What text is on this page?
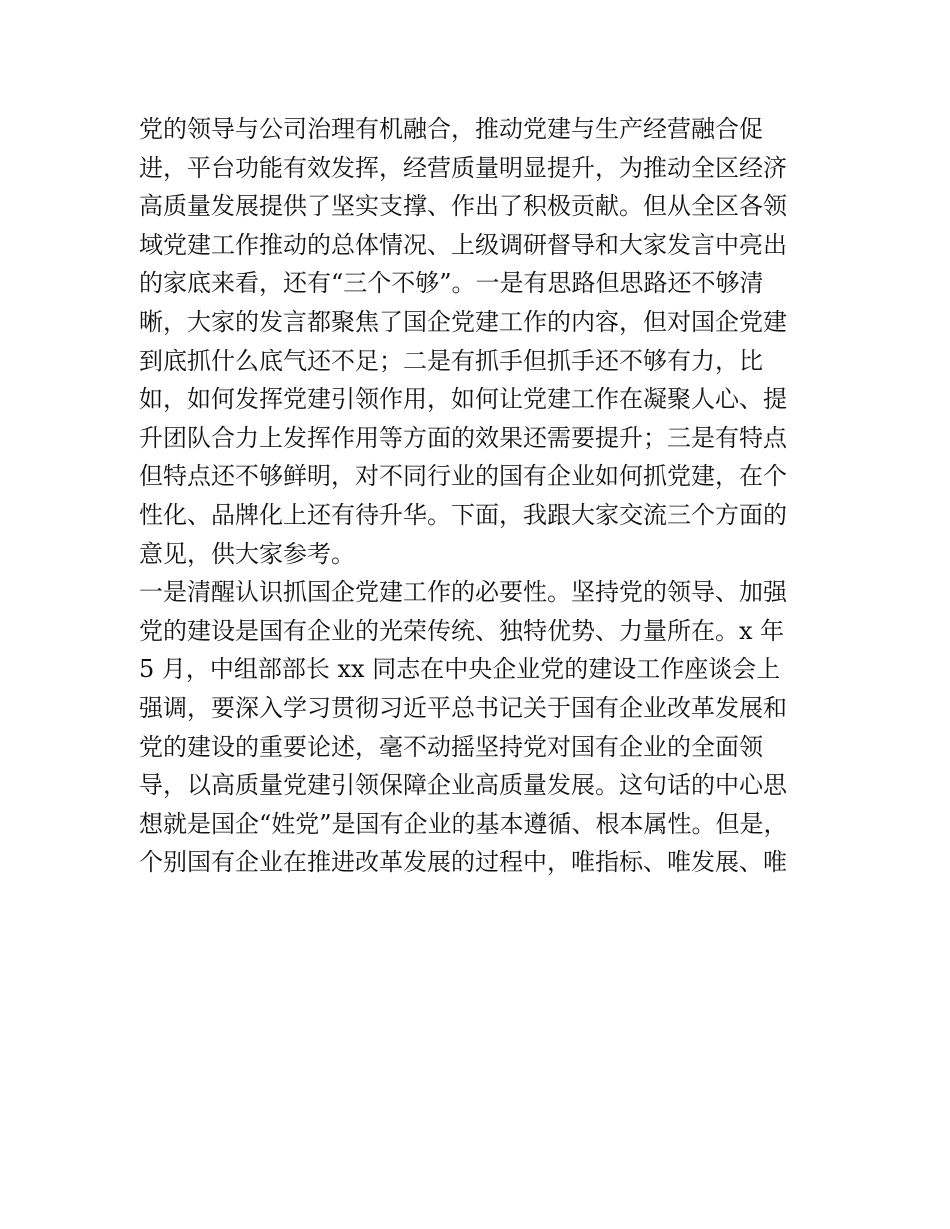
党的领导与公司治理有机融合，推动党建与生产经营融合促
进，平台功能有效发挥，经营质量明显提升，为推动全区经济
高质量发展提供了坚实支撑、作出了积极贡献。但从全区各领
域党建工作推动的总体情况、上级调研督导和大家发言中亮出
的家底来看，还有“三个不够”。一是有思路但思路还不够清
晰，大家的发言都聚焦了国企党建工作的内容，但对国企党建
到底抓什么底气还不足；二是有抓手但抓手还不够有力，比
如，如何发挥党建引领作用，如何让党建工作在凝聚人心、提
升团队合力上发挥作用等方面的效果还需要提升；三是有特点
但特点还不够鲜明，对不同行业的国有企业如何抓党建，在个
性化、品牌化上还有待升华。下面，我跟大家交流三个方面的
意见，供大家参考。
一是清醒认识抓国企党建工作的必要性。坚持党的领导、加强
党的建设是国有企业的光荣传统、独特优势、力量所在。x 年
5 月，中组部部长 xx 同志在中央企业党的建设工作座谈会上
强调，要深入学习贯彻习近平总书记关于国有企业改革发展和
党的建设的重要论述，毫不动摇坚持党对国有企业的全面领
导，以高质量党建引领保障企业高质量发展。这句话的中心思
想就是国企“姓党”是国有企业的基本遵循、根本属性。但是，
个别国有企业在推进改革发展的过程中，唯指标、唯发展、唯
